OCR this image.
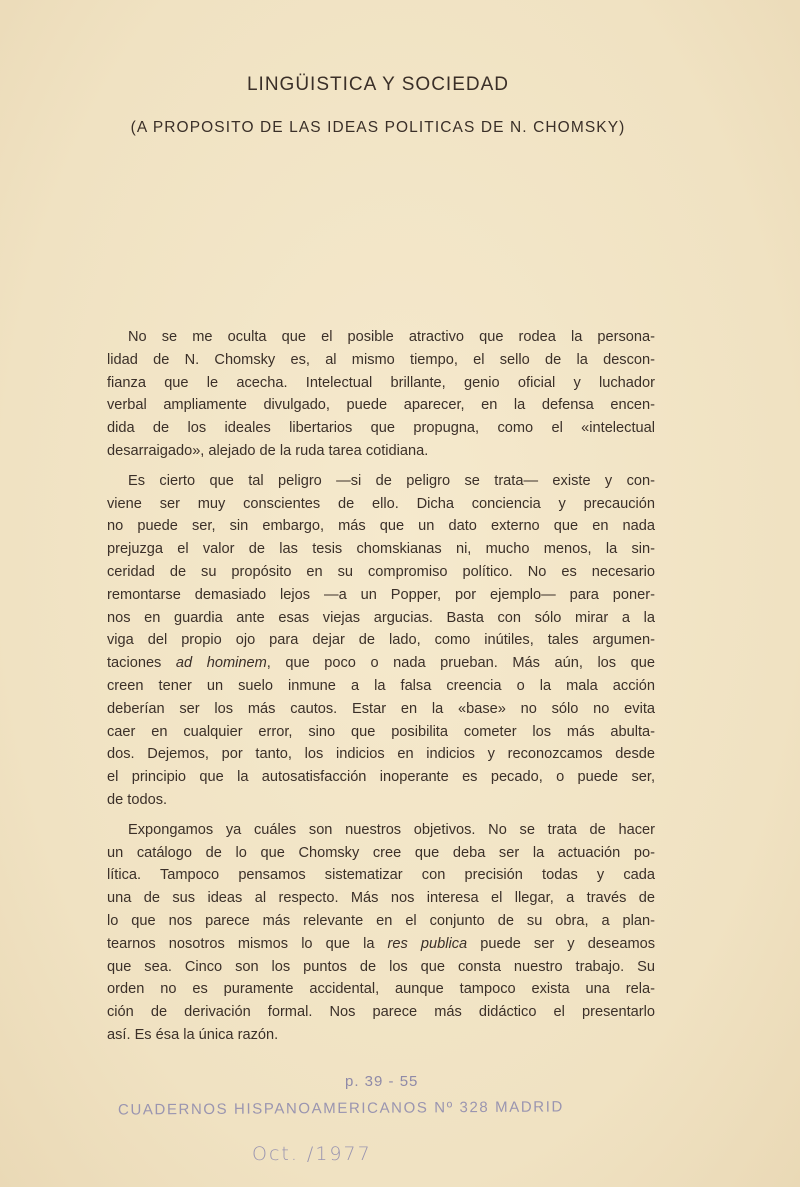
LINGÜISTICA Y SOCIEDAD
(A PROPOSITO DE LAS IDEAS POLITICAS DE N. CHOMSKY)
No se me oculta que el posible atractivo que rodea la persona-
lidad de N. Chomsky es, al mismo tiempo, el sello de la descon-
fianza que le acecha. Intelectual brillante, genio oficial y luchador
verbal ampliamente divulgado, puede aparecer, en la defensa encen-
dida de los ideales libertarios que propugna, como el «intelectual
desarraigado», alejado de la ruda tarea cotidiana.
Es cierto que tal peligro —si de peligro se trata— existe y con-
viene ser muy conscientes de ello. Dicha conciencia y precaución
no puede ser, sin embargo, más que un dato externo que en nada
prejuzga el valor de las tesis chomskianas ni, mucho menos, la sin-
ceridad de su propósito en su compromiso político. No es necesario
remontarse demasiado lejos —a un Popper, por ejemplo— para poner-
nos en guardia ante esas viejas argucias. Basta con sólo mirar a la
viga del propio ojo para dejar de lado, como inútiles, tales argumen-
taciones ad hominem, que poco o nada prueban. Más aún, los que
creen tener un suelo inmune a la falsa creencia o la mala acción
deberían ser los más cautos. Estar en la «base» no sólo no evita
caer en cualquier error, sino que posibilita cometer los más abulta-
dos. Dejemos, por tanto, los indicios en indicios y reconozcamos desde
el principio que la autosatisfacción inoperante es pecado, o puede ser,
de todos.
Expongamos ya cuáles son nuestros objetivos. No se trata de hacer
un catálogo de lo que Chomsky cree que deba ser la actuación po-
lítica. Tampoco pensamos sistematizar con precisión todas y cada
una de sus ideas al respecto. Más nos interesa el llegar, a través de
lo que nos parece más relevante en el conjunto de su obra, a plan-
tearnos nosotros mismos lo que la res publica puede ser y deseamos
que sea. Cinco son los puntos de los que consta nuestro trabajo. Su
orden no es puramente accidental, aunque tampoco exista una rela-
ción de derivación formal. Nos parece más didáctico el presentarlo
así. Es ésa la única razón.
p. 39 - 55
CUADERNOS HISPANOAMERICANOS Nº 328 MADRID
Oct. /1977
